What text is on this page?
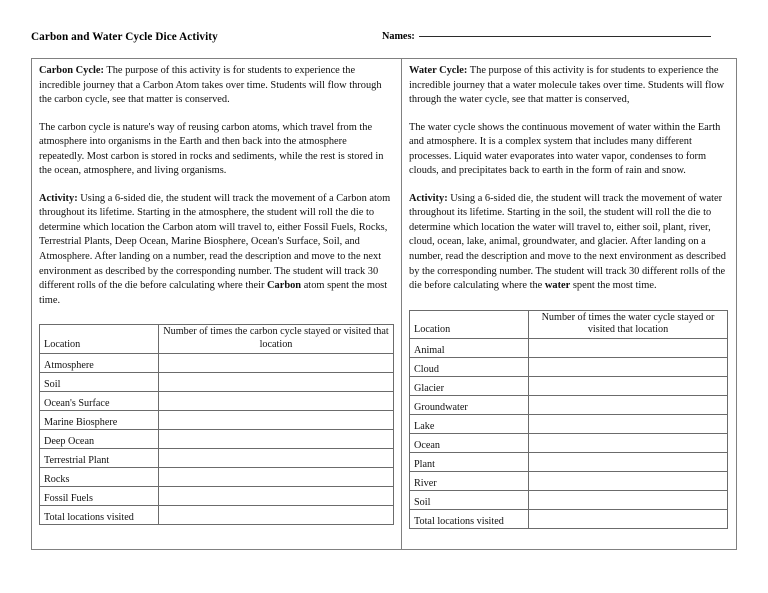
Carbon and Water Cycle Dice Activity	Names:

Carbon Cycle: The purpose of this activity is for students to experience the incredible journey that a Carbon Atom takes over time. Students will flow through the carbon cycle, see that matter is conserved.

The carbon cycle is nature's way of reusing carbon atoms, which travel from the atmosphere into organisms in the Earth and then back into the atmosphere repeatedly. Most carbon is stored in rocks and sediments, while the rest is stored in the ocean, atmosphere, and living organisms.

Activity: Using a 6-sided die, the student will track the movement of a Carbon atom throughout its lifetime. Starting in the atmosphere, the student will roll the die to determine which location the Carbon atom will travel to, either Fossil Fuels, Rocks, Terrestrial Plants, Deep Ocean, Marine Biosphere, Ocean's Surface, Soil, and Atmosphere. After landing on a number, read the description and move to the next environment as described by the corresponding number. The student will track 30 different rolls of the die before calculating where their Carbon atom spent the most time.

Location	Number of times the carbon cycle stayed or visited that location
Atmosphere	
Soil	
Ocean's Surface	
Marine Biosphere	
Deep Ocean	
Terrestrial Plant	
Rocks	
Fossil Fuels	
Total locations visited	

Water Cycle: The purpose of this activity is for students to experience the incredible journey that a water molecule takes over time. Students will flow through the water cycle, see that matter is conserved,

The water cycle shows the continuous movement of water within the Earth and atmosphere. It is a complex system that includes many different processes. Liquid water evaporates into water vapor, condenses to form clouds, and precipitates back to earth in the form of rain and snow.

Activity: Using a 6-sided die, the student will track the movement of water throughout its lifetime. Starting in the soil, the student will roll the die to determine which location the water will travel to, either soil, plant, river, cloud, ocean, lake, animal, groundwater, and glacier. After landing on a number, read the description and move to the next environment as described by the corresponding number. The student will track 30 different rolls of the die before calculating where the water spent the most time.

Location	Number of times the water cycle stayed or visited that location
Animal	
Cloud	
Glacier	
Groundwater	
Lake	
Ocean	
Plant	
River	
Soil	
Total locations visited	
